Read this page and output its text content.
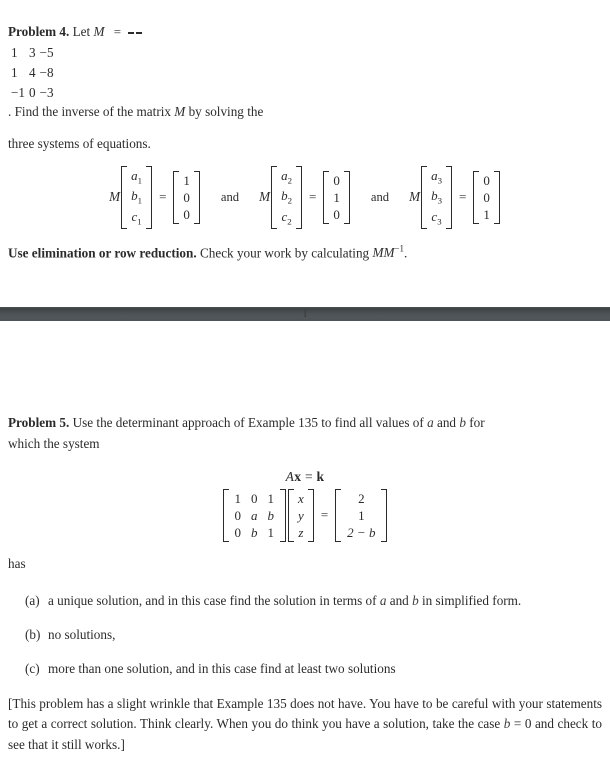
Problem 4. Let M =

1	3	−5
1	4	−8
−1	0	−3
. Find the inverse of the matrix M by solving the

three systems of equations.

M
$a_1$
$b_1$
$c_1$
=
1
0
0
and M
$a_2$
$b_2$
$c_2$
=
0
1
0
and M
$a_3$
$b_3$
$c_3$
=
0
0
1

Use elimination or row reduction. Check your work by calculating $MM^{-1}$.

1

Problem 5. Use the determinant approach of Example 135 to find all values of a and b for

which the system

Ax = k
1	0	1
0	a	b
0	b	1
x
y
z
=
2
1
2 − b

has

(a) a unique solution, and in this case find the solution in terms of a and b in simplified form.
(b) no solutions,
(c) more than one solution, and in this case find at least two solutions

[This problem has a slight wrinkle that Example 135 does not have. You have to be careful with your statements to get a correct solution. Think clearly. When you do think you have a solution, take the case b = 0 and check to see that it still works.]
